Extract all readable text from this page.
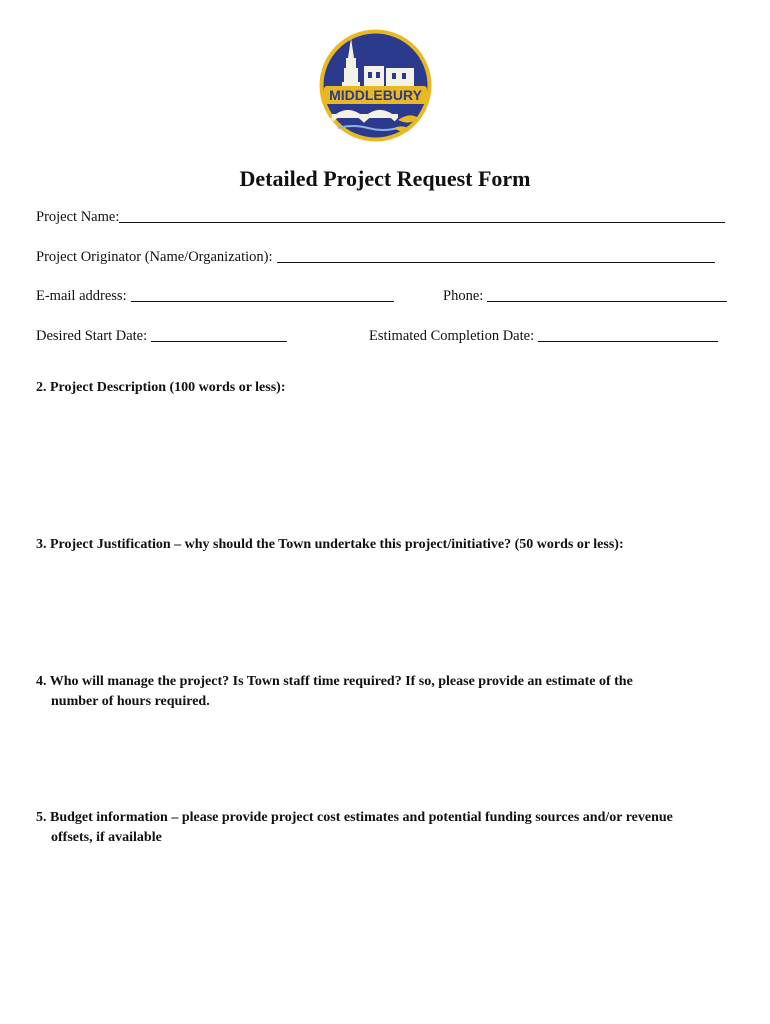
MIDDLEBURY
Detailed Project Request Form
Project Name:
Project Originator (Name/Organization):
E-mail address:	Phone:
Desired Start Date:	Estimated Completion Date:
2. Project Description (100 words or less):
3. Project Justification – why should the Town undertake this project/initiative? (50 words or less):
4. Who will manage the project? Is Town staff time required? If so, please provide an estimate of the
number of hours required.
5. Budget information – please provide project cost estimates and potential funding sources and/or revenue
offsets, if available
